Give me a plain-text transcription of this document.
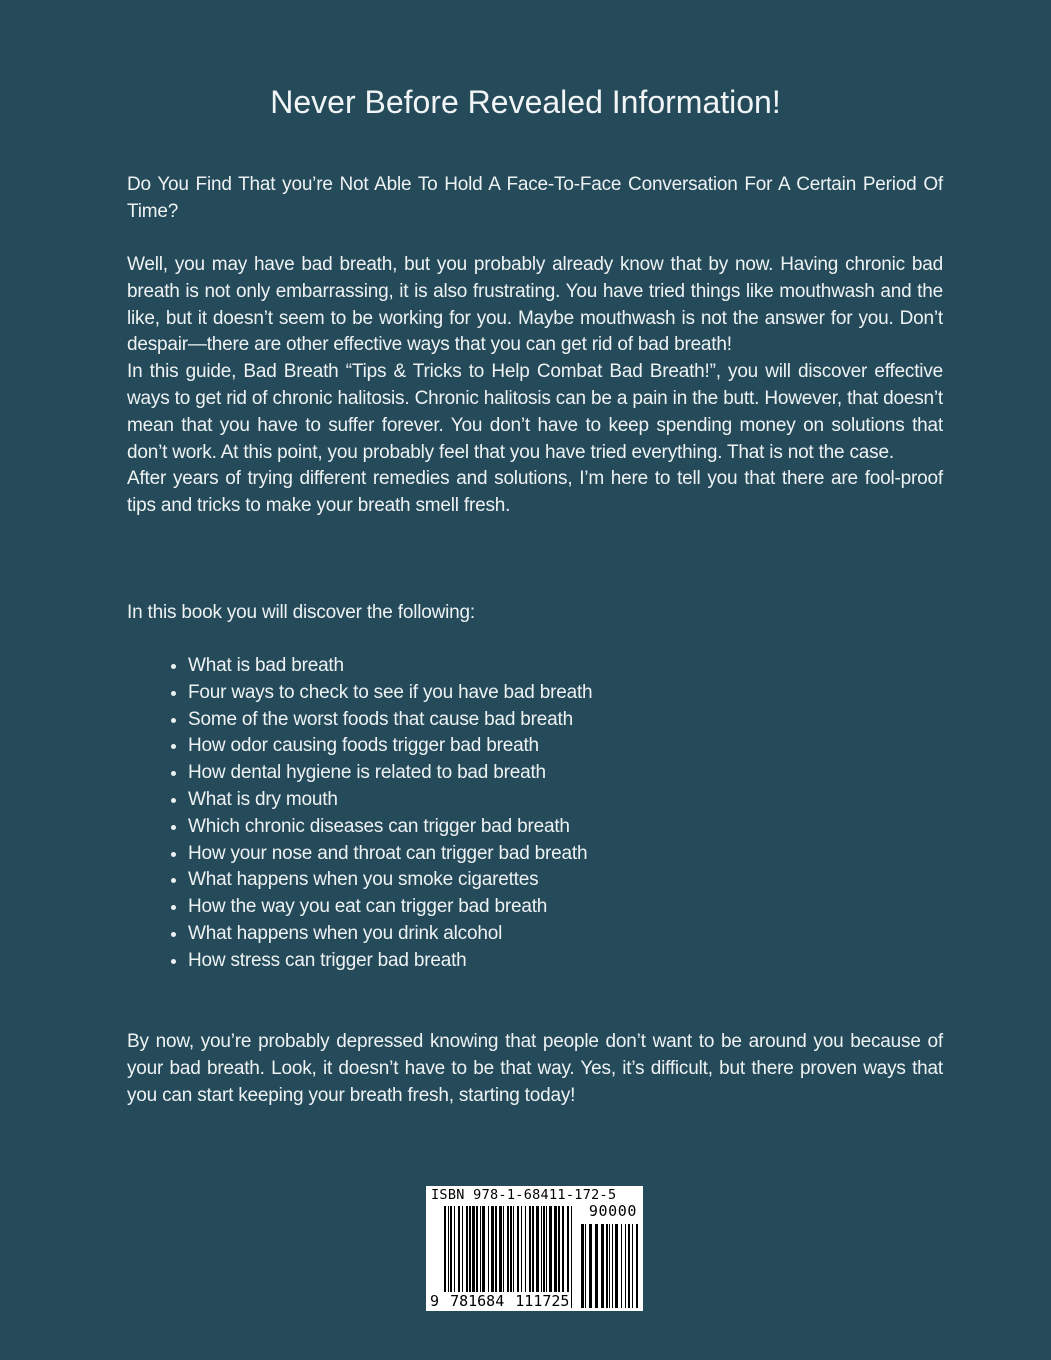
Never Before Revealed Information!

Do You Find That you’re Not Able To Hold A Face-To-Face Conversation For A Certain Period Of Time?

Well, you may have bad breath, but you probably already know that by now. Having chronic bad breath is not only embarrassing, it is also frustrating. You have tried things like mouthwash and the like, but it doesn’t seem to be working for you. Maybe mouthwash is not the answer for you. Don’t despair—there are other effective ways that you can get rid of bad breath!

In this guide, Bad Breath “Tips & Tricks to Help Combat Bad Breath!”, you will discover effective ways to get rid of chronic halitosis. Chronic halitosis can be a pain in the butt. However, that doesn’t mean that you have to suffer forever. You don’t have to keep spending money on solutions that don’t work. At this point, you probably feel that you have tried everything. That is not the case.

After years of trying different remedies and solutions, I’m here to tell you that there are fool-proof tips and tricks to make your breath smell fresh.

In this book you will discover the following:
• What is bad breath
• Four ways to check to see if you have bad breath
• Some of the worst foods that cause bad breath
• How odor causing foods trigger bad breath
• How dental hygiene is related to bad breath
• What is dry mouth
• Which chronic diseases can trigger bad breath
• How your nose and throat can trigger bad breath
• What happens when you smoke cigarettes
• How the way you eat can trigger bad breath
• What happens when you drink alcohol
• How stress can trigger bad breath
By now, you’re probably depressed knowing that people don’t want to be around you because of your bad breath. Look, it doesn’t have to be that way. Yes, it’s difficult, but there proven ways that you can start keeping your breath fresh, starting today!
ISBN 978-1-68411-172-5
90000
9 781684 111725
